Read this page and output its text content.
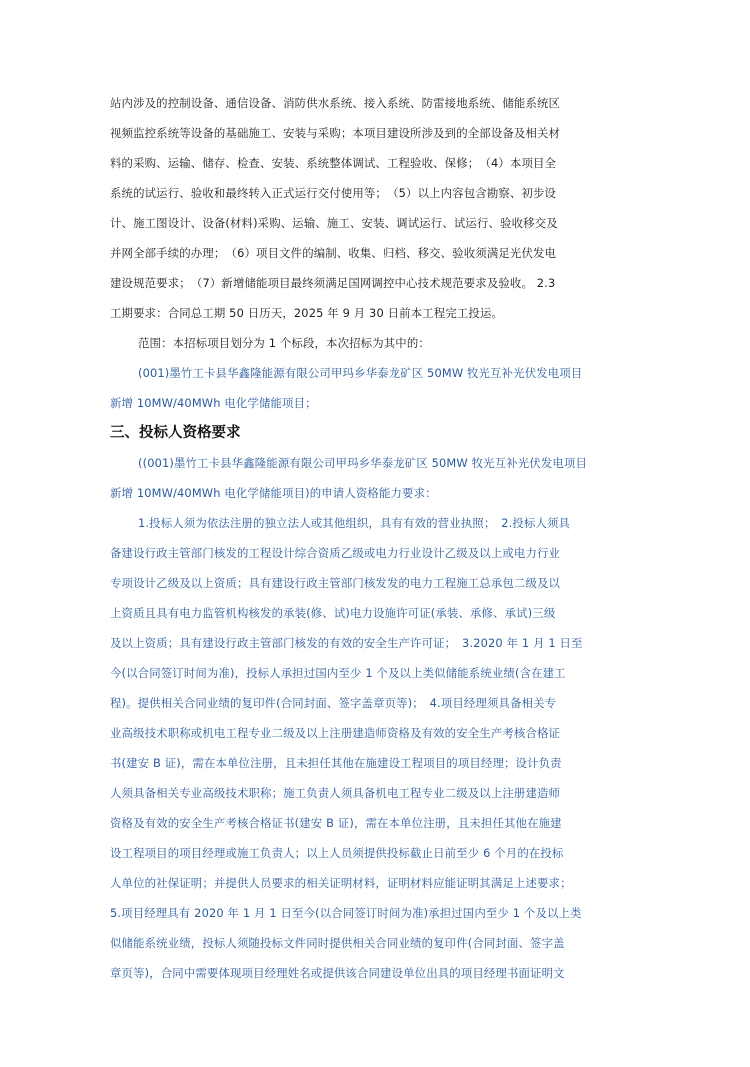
站内涉及的控制设备、通信设备、消防供水系统、接入系统、防雷接地系统、储能系统区
视频监控系统等设备的基础施工、安装与采购；本项目建设所涉及到的全部设备及相关材
料的采购、运输、储存、检查、安装、系统整体调试、工程验收、保修；　（4）本项目全
系统的试运行、验收和最终转入正式运行交付使用等；　（5）以上内容包含勘察、初步设
计、施工图设计、设备(材料)采购、运输、施工、安装、调试运行、试运行、验收移交及
并网全部手续的办理；　（6）项目文件的编制、收集、归档、移交、验收须满足光伏发电
建设规范要求；　（7）新增储能项目最终须满足国网调控中心技术规范要求及验收。 2.3
工期要求：合同总工期 50 日历天，2025 年 9 月 30 日前本工程完工投运。
范围：本招标项目划分为 1 个标段，本次招标为其中的：
(001)墨竹工卡县华鑫隆能源有限公司甲玛乡华泰龙矿区 50MW 牧光互补光伏发电项目
新增 10MW/40MWh 电化学储能项目；
三、投标人资格要求
((001)墨竹工卡县华鑫隆能源有限公司甲玛乡华泰龙矿区 50MW 牧光互补光伏发电项目
新增 10MW/40MWh 电化学储能项目)的申请人资格能力要求：
1.投标人须为依法注册的独立法人或其他组织，具有有效的营业执照；　2.投标人须具
备建设行政主管部门核发的工程设计综合资质乙级或电力行业设计乙级及以上或电力行业
专项设计乙级及以上资质；具有建设行政主管部门核发发的电力工程施工总承包二级及以
上资质且具有电力监管机构核发的承装(修、试)电力设施许可证(承装、承修、承试)三级
及以上资质；具有建设行政主管部门核发的有效的安全生产许可证；　3.2020 年 1 月 1 日至
今(以合同签订时间为准)，投标人承担过国内至少 1 个及以上类似储能系统业绩(含在建工
程)。提供相关合同业绩的复印件(合同封面、签字盖章页等)；　4.项目经理须具备相关专
业高级技术职称或机电工程专业二级及以上注册建造师资格及有效的安全生产考核合格证
书(建安 B 证)，需在本单位注册，且未担任其他在施建设工程项目的项目经理；设计负责
人须具备相关专业高级技术职称；施工负责人须具备机电工程专业二级及以上注册建造师
资格及有效的安全生产考核合格证书(建安 B 证)，需在本单位注册，且未担任其他在施建
设工程项目的项目经理或施工负责人；以上人员须提供投标截止日前至少 6 个月的在投标
人单位的社保证明；并提供人员要求的相关证明材料，证明材料应能证明其满足上述要求；
5.项目经理具有 2020 年 1 月 1 日至今(以合同签订时间为准)承担过国内至少 1 个及以上类
似储能系统业绩，投标人须随投标文件同时提供相关合同业绩的复印件(合同封面、签字盖
章页等)，合同中需要体现项目经理姓名或提供该合同建设单位出具的项目经理书面证明文
